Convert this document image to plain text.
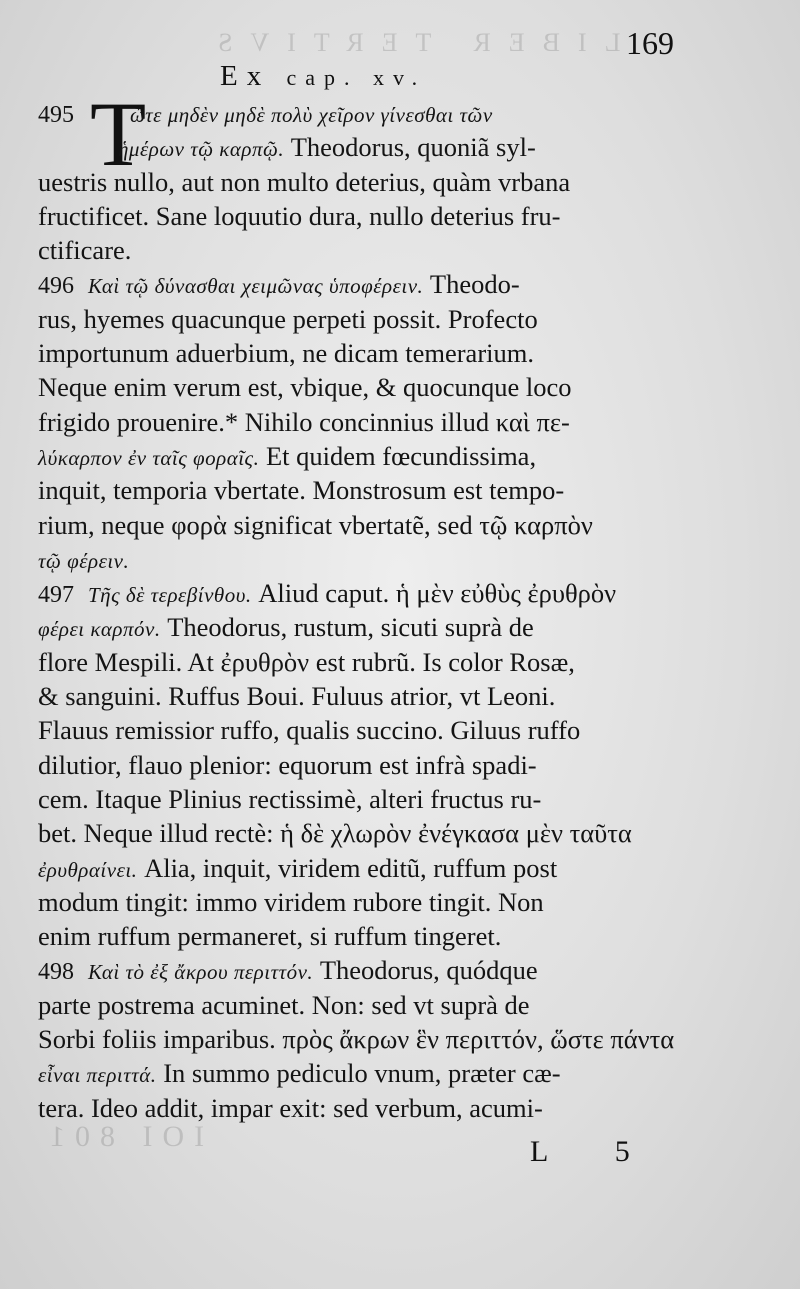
LIBER TERTIVS
IOI 801
169
Ex cap. xv.
T
495	ώτε μηδὲν μηδὲ πολὺ χεῖρον γίνεσθαι τῶν
ἡμέρων τῷ καρπῷ. Theodorus, quoniã syl-
uestris nullo, aut non multo deterius, quàm vrbana
fructificet. Sane loquutio dura, nullo deterius fru-
ctificare.
496 Καὶ τῷ δύνασθαι χειμῶνας ὑποφέρειν. Theodo-
rus, hyemes quacunque perpeti possit. Profecto
importunum aduerbium, ne dicam temerarium.
Neque enim verum est, vbique, & quocunque loco
frigido prouenire.* Nihilo concinnius illud καὶ πε-
λύκαρπον ἐν ταῖς φοραῖς. Et quidem fœcundissima,
inquit, temporia vbertate. Monstrosum est tempo-
rium, neque φορὰ significat vbertatẽ, sed τῷ καρπὸν
τῷ φέρειν.
497 Τῆς δὲ τερεβίνθου. Aliud caput. ἡ μὲν εὐθὺς ἐρυθρὸν
φέρει καρπόν. Theodorus, rustum, sicuti suprà de
flore Mespili. At ἐρυθρὸν est rubrũ. Is color Rosæ,
& sanguini. Ruffus Boui. Fuluus atrior, vt Leoni.
Flauus remissior ruffo, qualis succino. Giluus ruffo
dilutior, flauo plenior: equorum est infrà spadi-
cem. Itaque Plinius rectissimè, alteri fructus ru-
bet. Neque illud rectè: ἡ δὲ χλωρὸν ἐνέγκασα μὲν ταῦτα
ἐρυθραίνει. Alia, inquit, viridem editũ, ruffum post
modum tingit: immo viridem rubore tingit. Non
enim ruffum permaneret, si ruffum tingeret.
498 Καὶ τὸ ἐξ ἄκρου περιττόν. Theodorus, quódque
parte postrema acuminet. Non: sed vt suprà de
Sorbi foliis imparibus. πρὸς ἄκρων ἓν περιττόν, ὥστε πάντα
εἶναι περιττά. In summo pediculo vnum, præter cæ-
tera. Ideo addit, impar exit: sed verbum, acumi-
L 5
